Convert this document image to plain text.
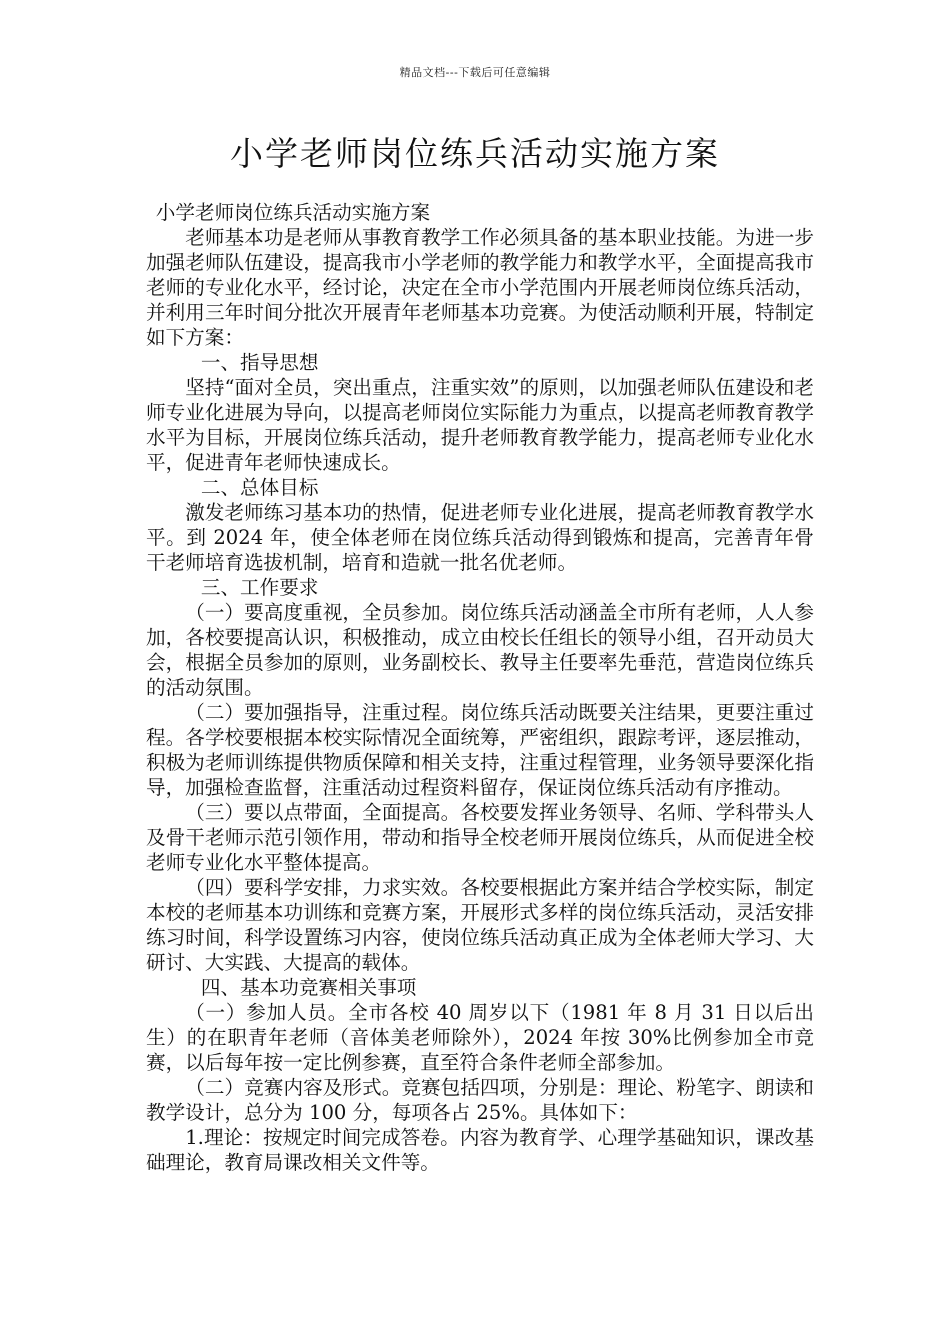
精品文档---下载后可任意编辑
小学老师岗位练兵活动实施方案

小学老师岗位练兵活动实施方案

老师基本功是老师从事教育教学工作必须具备的基本职业技能。为进一步加强老师队伍建设，提高我市小学老师的教学能力和教学水平，全面提高我市老师的专业化水平，经讨论，决定在全市小学范围内开展老师岗位练兵活动，并利用三年时间分批次开展青年老师基本功竞赛。为使活动顺利开展，特制定如下方案：

一、指导思想

坚持“面对全员，突出重点，注重实效”的原则，以加强老师队伍建设和老师专业化进展为导向，以提高老师岗位实际能力为重点，以提高老师教育教学水平为目标，开展岗位练兵活动，提升老师教育教学能力，提高老师专业化水平，促进青年老师快速成长。

二、总体目标

激发老师练习基本功的热情，促进老师专业化进展，提高老师教育教学水平。到 2024 年，使全体老师在岗位练兵活动得到锻炼和提高，完善青年骨干老师培育选拔机制，培育和造就一批名优老师。

三、工作要求

（一）要高度重视，全员参加。岗位练兵活动涵盖全市所有老师，人人参加，各校要提高认识，积极推动，成立由校长任组长的领导小组，召开动员大会，根据全员参加的原则，业务副校长、教导主任要率先垂范，营造岗位练兵的活动氛围。

（二）要加强指导，注重过程。岗位练兵活动既要关注结果，更要注重过程。各学校要根据本校实际情况全面统筹，严密组织，跟踪考评，逐层推动，积极为老师训练提供物质保障和相关支持，注重过程管理，业务领导要深化指导，加强检查监督，注重活动过程资料留存，保证岗位练兵活动有序推动。

（三）要以点带面，全面提高。各校要发挥业务领导、名师、学科带头人及骨干老师示范引领作用，带动和指导全校老师开展岗位练兵，从而促进全校老师专业化水平整体提高。

（四）要科学安排，力求实效。各校要根据此方案并结合学校实际，制定本校的老师基本功训练和竞赛方案，开展形式多样的岗位练兵活动，灵活安排练习时间，科学设置练习内容，使岗位练兵活动真正成为全体老师大学习、大研讨、大实践、大提高的载体。

四、基本功竞赛相关事项

（一）参加人员。全市各校 40 周岁以下（1981 年 8 月 31 日以后出生）的在职青年老师（音体美老师除外），2024 年按 30%比例参加全市竞赛，以后每年按一定比例参赛，直至符合条件老师全部参加。

（二）竞赛内容及形式。竞赛包括四项，分别是：理论、粉笔字、朗读和教学设计，总分为 100 分，每项各占 25%。具体如下：

1.理论：按规定时间完成答卷。内容为教育学、心理学基础知识，课改基础理论，教育局课改相关文件等。
